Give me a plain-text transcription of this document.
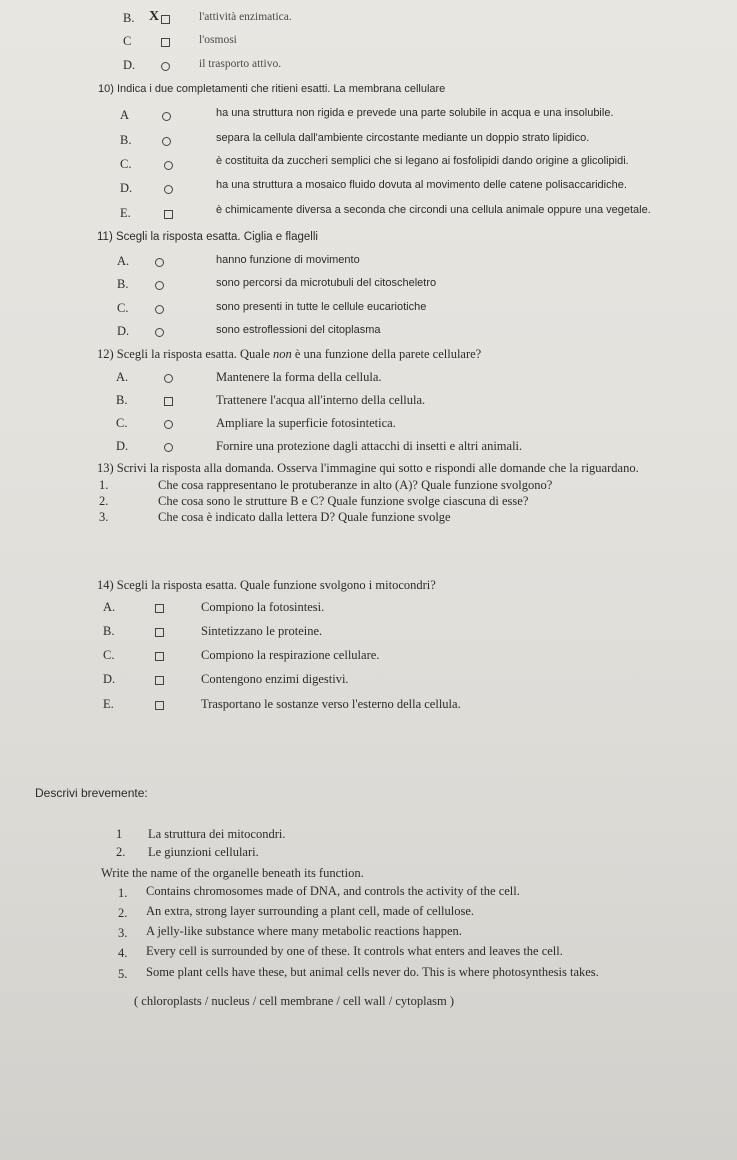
B. X	l'attività enzimatica.
C	l'osmosi
D.	il trasporto attivo.
10) Indica i due completamenti che ritieni esatti. La membrana cellulare
A	ha una struttura non rigida e prevede una parte solubile in acqua e una insolubile.
B.	separa la cellula dall'ambiente circostante mediante un doppio strato lipidico.
C.	è costituita da zuccheri semplici che si legano ai fosfolipidi dando origine a glicolipidi.
D.	ha una struttura a mosaico fluido dovuta al movimento delle catene polisaccaridiche.
E.	è chimicamente diversa a seconda che circondi una cellula animale oppure una vegetale.
11) Scegli la risposta esatta. Ciglia e flagelli
A.	hanno funzione di movimento
B.	sono percorsi da microtubuli del citoscheletro
C.	sono presenti in tutte le cellule eucariotiche
D.	sono estroflessioni del citoplasma
12) Scegli la risposta esatta. Quale non è una funzione della parete cellulare?
A.	Mantenere la forma della cellula.
B.	Trattenere l'acqua all'interno della cellula.
C.	Ampliare la superficie fotosintetica.
D.	Fornire una protezione dagli attacchi di insetti e altri animali.
13) Scrivi la risposta alla domanda. Osserva l'immagine qui sotto e rispondi alle domande che la riguardano.
1.	Che cosa rappresentano le protuberanze in alto (A)? Quale funzione svolgono?
2.	Che cosa sono le strutture B e C? Quale funzione svolge ciascuna di esse?
3.	Che cosa è indicato dalla lettera D? Quale funzione svolge
14) Scegli la risposta esatta. Quale funzione svolgono i mitocondri?
A.	Compiono la fotosintesi.
B.	Sintetizzano le proteine.
C.	Compiono la respirazione cellulare.
D.	Contengono enzimi digestivi.
E.	Trasportano le sostanze verso l'esterno della cellula.
Descrivi brevemente:
1 La struttura dei mitocondri.
2. Le giunzioni cellulari.
Write the name of the organelle beneath its function.
1. Contains chromosomes made of DNA, and controls the activity of the cell.
2. An extra, strong layer surrounding a plant cell, made of cellulose.
3. A jelly-like substance where many metabolic reactions happen.
4. Every cell is surrounded by one of these. It controls what enters and leaves the cell.
5. Some plant cells have these, but animal cells never do. This is where photosynthesis takes.
( chloroplasts / nucleus / cell membrane / cell wall / cytoplasm )
